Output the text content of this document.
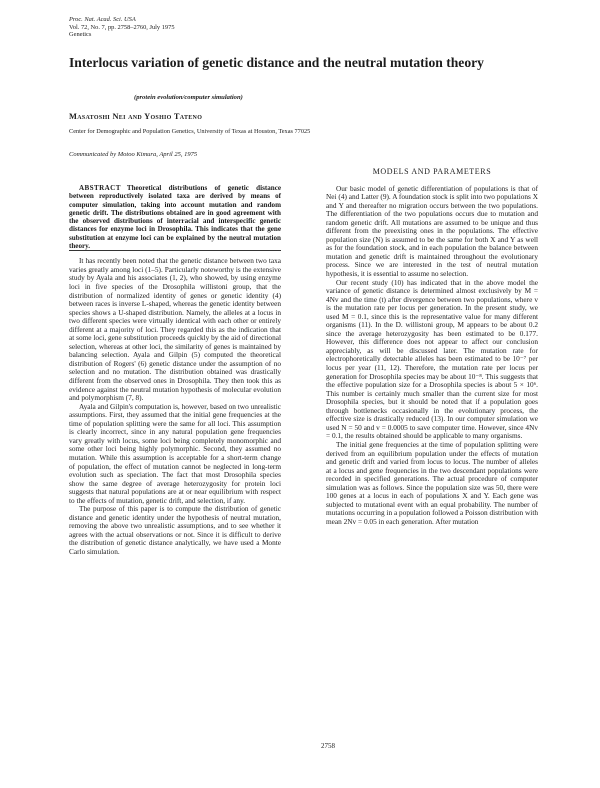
Proc. Nat. Acad. Sci. USA
Vol. 72, No. 7, pp. 2758–2760, July 1975
Genetics
Interlocus variation of genetic distance and the neutral mutation theory
(protein evolution/computer simulation)
Masatoshi Nei and Yoshio Tateno
Center for Demographic and Population Genetics, University of Texas at Houston, Texas 77025
Communicated by Motoo Kimura, April 25, 1975

ABSTRACT Theoretical distributions of genetic distance between reproductively isolated taxa are derived by means of computer simulation, taking into account mutation and random genetic drift. The distributions obtained are in good agreement with the observed distributions of interracial and interspecific genetic distances for enzyme loci in Drosophila. This indicates that the gene substitution at enzyme loci can be explained by the neutral mutation theory.

It has recently been noted that the genetic distance between two taxa varies greatly among loci (1–5). Particularly noteworthy is the extensive study by Ayala and his associates (1, 2), who showed, by using enzyme loci in five species of the Drosophila willistoni group, that the distribution of normalized identity of genes or genetic identity (4) between races is inverse L-shaped, whereas the genetic identity between species shows a U-shaped distribution. Namely, the alleles at a locus in two different species were virtually identical with each other or entirely different at a majority of loci. They regarded this as the indication that at some loci, gene substitution proceeds quickly by the aid of directional selection, whereas at other loci, the similarity of genes is maintained by balancing selection. Ayala and Gilpin (5) computed the theoretical distribution of Rogers' (6) genetic distance under the assumption of no selection and no mutation. The distribution obtained was drastically different from the observed ones in Drosophila. They then took this as evidence against the neutral mutation hypothesis of molecular evolution and polymorphism (7, 8).

Ayala and Gilpin's computation is, however, based on two unrealistic assumptions. First, they assumed that the initial gene frequencies at the time of population splitting were the same for all loci. This assumption is clearly incorrect, since in any natural population gene frequencies vary greatly with locus, some loci being completely monomorphic and some other loci being highly polymorphic. Second, they assumed no mutation. While this assumption is acceptable for a short-term change of population, the effect of mutation cannot be neglected in long-term evolution such as speciation. The fact that most Drosophila species show the same degree of average heterozygosity for protein loci suggests that natural populations are at or near equilibrium with respect to the effects of mutation, genetic drift, and selection, if any.

The purpose of this paper is to compute the distribution of genetic distance and genetic identity under the hypothesis of neutral mutation, removing the above two unrealistic assumptions, and to see whether it agrees with the actual observations or not. Since it is difficult to derive the distribution of genetic distance analytically, we have used a Monte Carlo simulation.

MODELS AND PARAMETERS

Our basic model of genetic differentiation of populations is that of Nei (4) and Latter (9). A foundation stock is split into two populations X and Y and thereafter no migration occurs between the two populations. The differentiation of the two populations occurs due to mutation and random genetic drift. All mutations are assumed to be unique and thus different from the preexisting ones in the populations. The effective population size (N) is assumed to be the same for both X and Y as well as for the foundation stock, and in each population the balance between mutation and genetic drift is maintained throughout the evolutionary process. Since we are interested in the test of neutral mutation hypothesis, it is essential to assume no selection.

Our recent study (10) has indicated that in the above model the variance of genetic distance is determined almost exclusively by M = 4Nv and the time (t) after divergence between two populations, where v is the mutation rate per locus per generation. In the present study, we used M = 0.1, since this is the representative value for many different organisms (11). In the D. willistoni group, M appears to be about 0.2 since the average heterozygosity has been estimated to be 0.177. However, this difference does not appear to affect our conclusion appreciably, as will be discussed later. The mutation rate for electrophoretically detectable alleles has been estimated to be 10⁻⁷ per locus per year (11, 12). Therefore, the mutation rate per locus per generation for Drosophila species may be about 10⁻⁸. This suggests that the effective population size for a Drosophila species is about 5 × 10⁶. This number is certainly much smaller than the current size for most Drosophila species, but it should be noted that if a population goes through bottlenecks occasionally in the evolutionary process, the effective size is drastically reduced (13). In our computer simulation we used N = 50 and v = 0.0005 to save computer time. However, since 4Nv = 0.1, the results obtained should be applicable to many organisms.

The initial gene frequencies at the time of population splitting were derived from an equilibrium population under the effects of mutation and genetic drift and varied from locus to locus. The number of alleles at a locus and gene frequencies in the two descendant populations were recorded in specified generations. The actual procedure of computer simulation was as follows. Since the population size was 50, there were 100 genes at a locus in each of populations X and Y. Each gene was subjected to mutational event with an equal probability. The number of mutations occurring in a population followed a Poisson distribution with mean 2Nv = 0.05 in each generation. After mutation

2758
